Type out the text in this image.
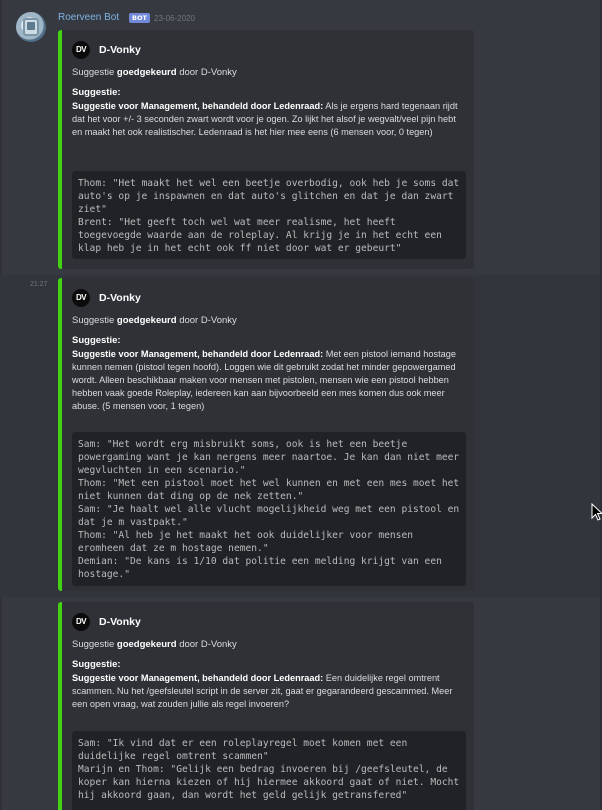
Roerveen Bot	BOT 23-06-2020
DV	D-Vonky
Suggestie goedgekeurd door D-Vonky
Suggestie:
Suggestie voor Management, behandeld door Ledenraad: Als je ergens hard tegenaan rijdt dat het voor +/- 3 seconden zwart wordt voor je ogen. Zo lijkt het alsof je wegvalt/veel pijn hebt en maakt het ook realistischer. Ledenraad is het hier mee eens (6 mensen voor, 0 tegen)
Thom: "Het maakt het wel een beetje overbodig, ook heb je soms dat
auto's op je inspawnen en dat auto's glitchen en dat je dan zwart
ziet"
Brent: "Het geeft toch wel wat meer realisme, het heeft
toegevoegde waarde aan de roleplay. Al krijg je in het echt een
klap heb je in het echt ook ff niet door wat er gebeurt"
21:27
DV	D-Vonky
Suggestie goedgekeurd door D-Vonky
Suggestie:
Suggestie voor Management, behandeld door Ledenraad: Met een pistool iemand hostage kunnen nemen (pistool tegen hoofd). Loggen wie dit gebruikt zodat het minder gepowergamed wordt. Alleen beschikbaar maken voor mensen met pistolen, mensen wie een pistool hebben hebben vaak goede Roleplay, iedereen kan aan bijvoorbeeld een mes komen dus ook meer abuse. (5 mensen voor, 1 tegen)
Sam: "Het wordt erg misbruikt soms, ook is het een beetje
powergaming want je kan nergens meer naartoe. Je kan dan niet meer
wegvluchten in een scenario."
Thom: "Met een pistool moet het wel kunnen en met een mes moet het
niet kunnen dat ding op de nek zetten."
Sam: "Je haalt wel alle vlucht mogelijkheid weg met een pistool en
dat je m vastpakt."
Thom: "Al heb je het maakt het ook duidelijker voor mensen
eromheen dat ze m hostage nemen."
Demian: "De kans is 1/10 dat politie een melding krijgt van een
hostage."
DV	D-Vonky
Suggestie goedgekeurd door D-Vonky
Suggestie:
Suggestie voor Management, behandeld door Ledenraad: Een duidelijke regel omtrent scammen. Nu het /geefsleutel script in de server zit, gaat er gegarandeerd gescammed. Meer een open vraag, wat zouden jullie als regel invoeren?
Sam: "Ik vind dat er een roleplayregel moet komen met een
duidelijke regel omtrent scammen"
Marijn en Thom: "Gelijk een bedrag invoeren bij /geefsleutel, de
koper kan hierna kiezen of hij hiermee akkoord gaat of niet. Mocht
hij akkoord gaan, dan wordt het geld gelijk getransfered"
